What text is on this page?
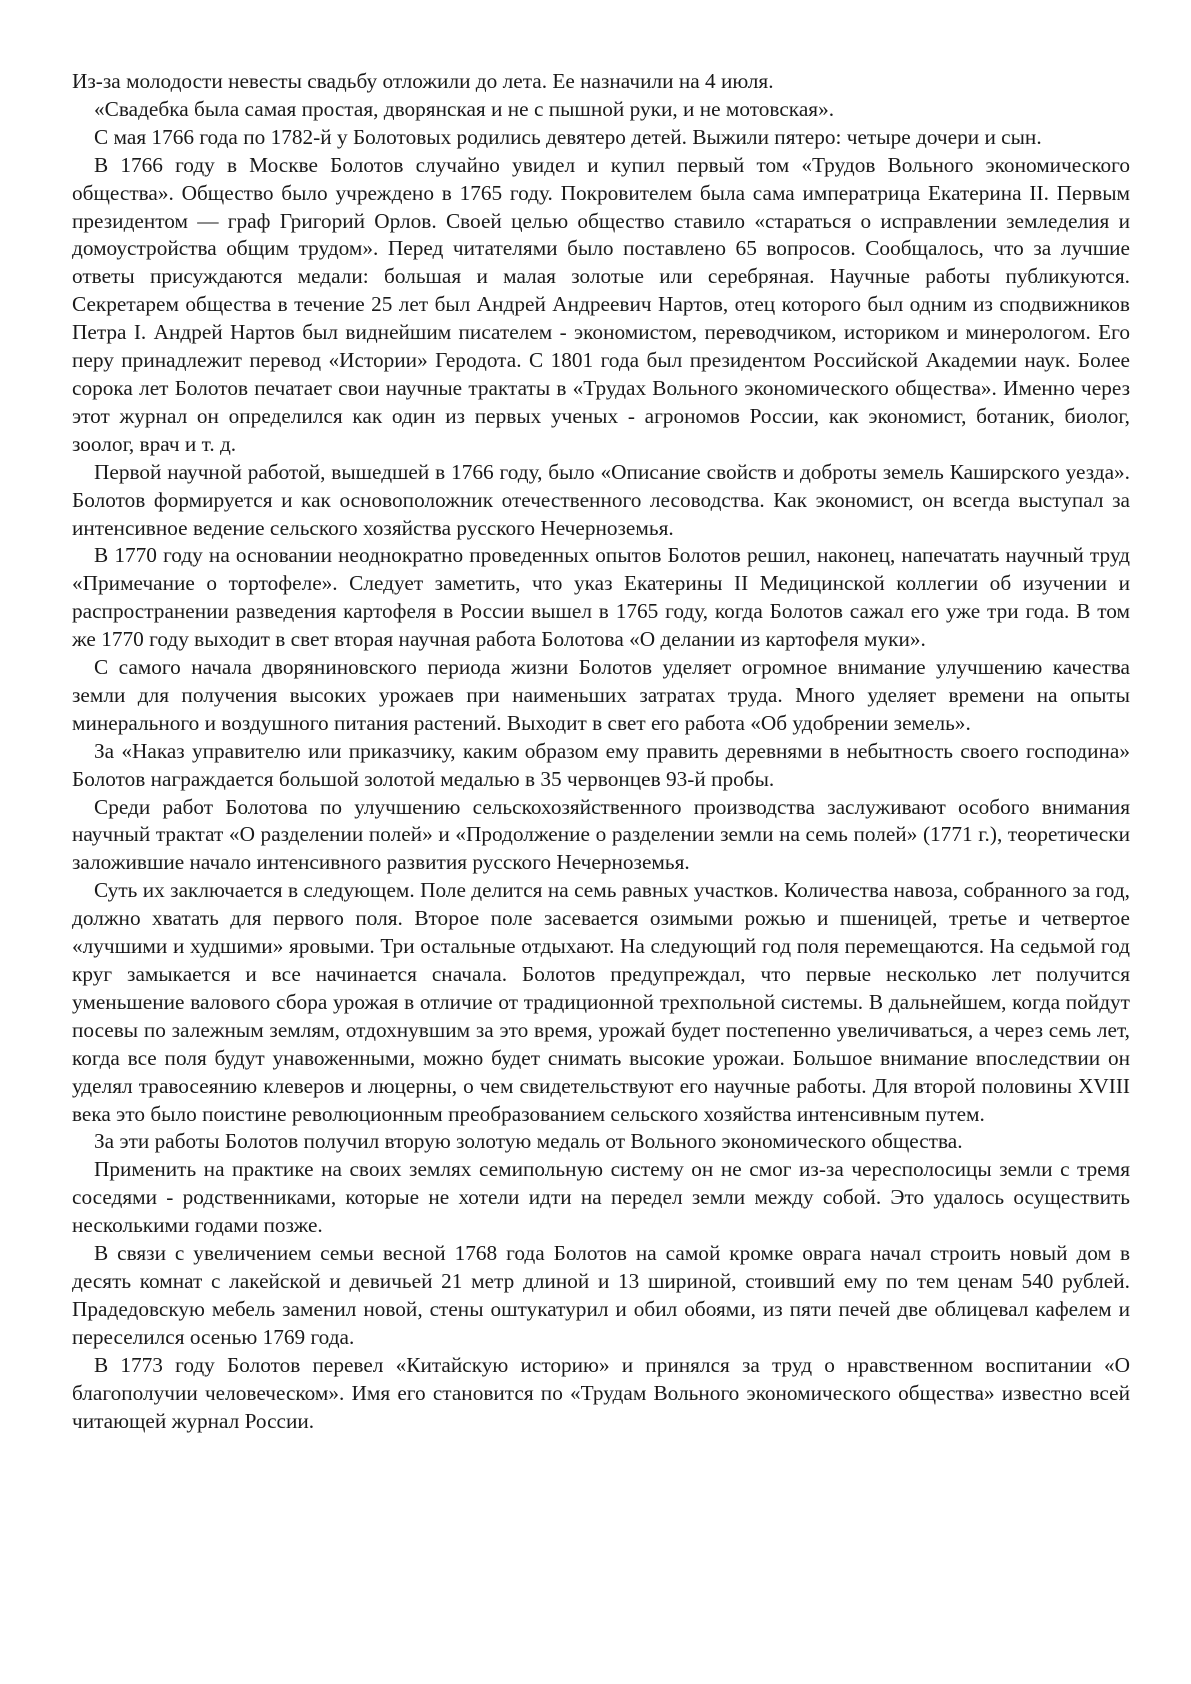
Из-за молодости невесты свадьбу отложили до лета. Ее назначили на 4 июля.

«Свадебка была самая простая, дворянская и не с пышной руки, и не мотовская».

С мая 1766 года по 1782-й у Болотовых родились девятеро детей. Выжили пятеро: четыре дочери и сын.

В 1766 году в Москве Болотов случайно увидел и купил первый том «Трудов Вольного экономического общества». Общество было учреждено в 1765 году. Покровителем была сама императрица Екатерина II. Первым президентом — граф Григорий Орлов. Своей целью общество ставило «стараться о исправлении земледелия и домоустройства общим трудом». Перед читателями было поставлено 65 вопросов. Сообщалось, что за лучшие ответы присуждаются медали: большая и малая золотые или серебряная. Научные работы публикуются. Секретарем общества в течение 25 лет был Андрей Андреевич Нартов, отец которого был одним из сподвижников Петра I. Андрей Нартов был виднейшим писателем - экономистом, переводчиком, историком и минерологом. Его перу принадлежит перевод «Истории» Геродота. С 1801 года был президентом Российской Академии наук. Более сорока лет Болотов печатает свои научные трактаты в «Трудах Вольного экономического общества». Именно через этот журнал он определился как один из первых ученых - агрономов России, как экономист, ботаник, биолог, зоолог, врач и т. д.

Первой научной работой, вышедшей в 1766 году, было «Описание свойств и доброты земель Каширского уезда». Болотов формируется и как основоположник отечественного лесоводства. Как экономист, он всегда выступал за интенсивное ведение сельского хозяйства русского Нечерноземья.

В 1770 году на основании неоднократно проведенных опытов Болотов решил, наконец, напечатать научный труд «Примечание о тортофеле». Следует заметить, что указ Екатерины II Медицинской коллегии об изучении и распространении разведения картофеля в России вышел в 1765 году, когда Болотов сажал его уже три года. В том же 1770 году выходит в свет вторая научная работа Болотова «О делании из картофеля муки».

С самого начала дворяниновского периода жизни Болотов уделяет огромное внимание улучшению качества земли для получения высоких урожаев при наименьших затратах труда. Много уделяет времени на опыты минерального и воздушного питания растений. Выходит в свет его работа «Об удобрении земель».

За «Наказ управителю или приказчику, каким образом ему править деревнями в небытность своего господина» Болотов награждается большой золотой медалью в 35 червонцев 93-й пробы.

Среди работ Болотова по улучшению сельскохозяйственного производства заслуживают особого внимания научный трактат «О разделении полей» и «Продолжение о разделении земли на семь полей» (1771 г.), теоретически заложившие начало интенсивного развития русского Нечерноземья.

Суть их заключается в следующем. Поле делится на семь равных участков. Количества навоза, собранного за год, должно хватать для первого поля. Второе поле засевается озимыми рожью и пшеницей, третье и четвертое «лучшими и худшими» яровыми. Три остальные отдыхают. На следующий год поля перемещаются. На седьмой год круг замыкается и все начинается сначала. Болотов предупреждал, что первые несколько лет получится уменьшение валового сбора урожая в отличие от традиционной трехпольной системы. В дальнейшем, когда пойдут посевы по залежным землям, отдохнувшим за это время, урожай будет постепенно увеличиваться, а через семь лет, когда все поля будут унавоженными, можно будет снимать высокие урожаи. Большое внимание впоследствии он уделял травосеянию клеверов и люцерны, о чем свидетельствуют его научные работы. Для второй половины XVIII века это было поистине революционным преобразованием сельского хозяйства интенсивным путем.

За эти работы Болотов получил вторую золотую медаль от Вольного экономического общества.

Применить на практике на своих землях семипольную систему он не смог из-за чересполосицы земли с тремя соседями - родственниками, которые не хотели идти на передел земли между собой. Это удалось осуществить несколькими годами позже.

В связи с увеличением семьи весной 1768 года Болотов на самой кромке оврага начал строить новый дом в десять комнат с лакейской и девичьей 21 метр длиной и 13 шириной, стоивший ему по тем ценам 540 рублей. Прадедовскую мебель заменил новой, стены оштукатурил и обил обоями, из пяти печей две облицевал кафелем и переселился осенью 1769 года.

В 1773 году Болотов перевел «Китайскую историю» и принялся за труд о нравственном воспитании «О благополучии человеческом». Имя его становится по «Трудам Вольного экономического общества» известно всей читающей журнал России.
